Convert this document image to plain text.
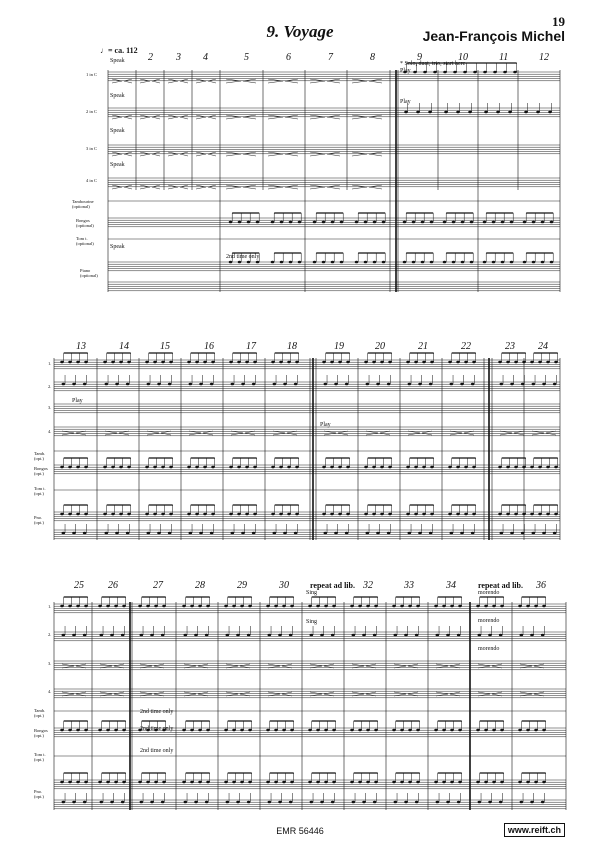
19
9. Voyage	Jean-François Michel
♩= ca. 112
2 3 4	5	6	7	8	9	10	11	12
1 in C
2 in C
3 in C
4 in C
Tambourine (optional)
Bongos (optional)
Tom t. (optional)
Piano (optional)
Speak
Speak
Speak
Speak
Speak
2nd time only
* Solo, duet, trio, start here
Play
Play
13	14	15	16	17	18	19	20	21	22	23 24
1.
2.
3.
4.
Tamb. (opt.)
Bongos (opt.)
Tom t. (opt.)
Pno. (opt.)
Play
Play
25 26	27	28	29	30	32	33	34	36
repeat ad lib.	repeat ad lib.
1.
2.
3.
4.
Tamb. (opt.)
Bongos (opt.)
Tom t. (opt.)
Pno. (opt.)
Sing
Sing
2nd time only
2nd time only
2nd time only
morendo
morendo
morendo
EMR 56446	www.reift.ch
